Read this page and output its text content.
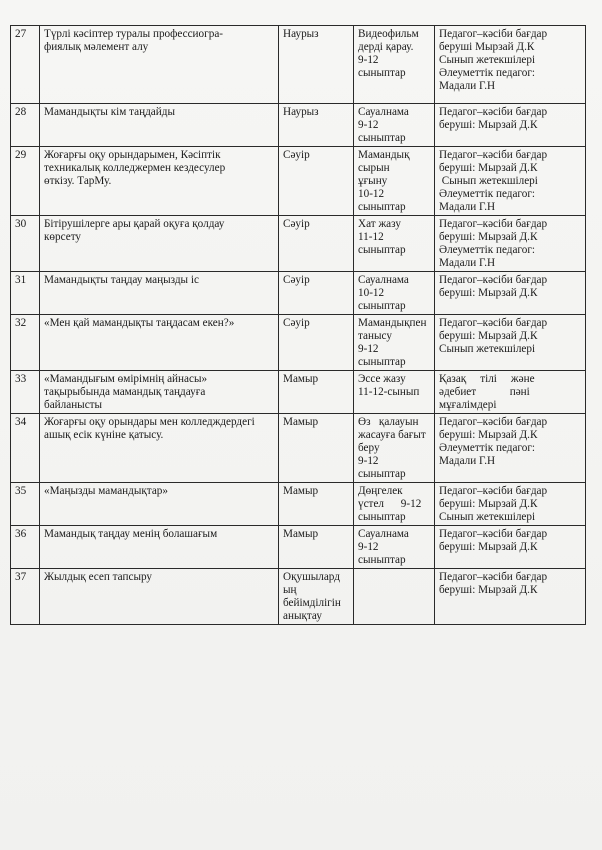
27	Түрлі кәсіптер туралы профессиогра-
фиялық мәлемент алу	Наурыз	Видеофильм
дерді қарау.
9-12
сыныптар	Педагог–кәсіби бағдар
беруші Мырзай Д.К
Сынып жетекшілері
Әлеуметтік педагог:
Мадали Г.Н

28	Мамандықты кім таңдайды	Наурыз	Сауалнама
9-12
сыныптар	Педагог–кәсіби бағдар
беруші: Мырзай Д.К

29	Жоғарғы оқу орындарымен, Кәсіптік
техникалық колледжермен кездесулер
өткізу. ТарМу.	Сәуір	Мамандық
сырын
ұғыну
10-12
сыныптар	Педагог–кәсіби бағдар
беруші: Мырзай Д.К
Сынып жетекшілері
Әлеуметтік педагог:
Мадали Г.Н

30	Бітірушілерге ары қарай оқуға қолдау
көрсету	Сәуір	Хат жазу
11-12
сыныптар	Педагог–кәсіби бағдар
беруші: Мырзай Д.К
Әлеуметтік педагог:
Мадали Г.Н

31	Мамандықты таңдау маңызды іс	Сәуір	Сауалнама
10-12
сыныптар	Педагог–кәсіби бағдар
беруші: Мырзай Д.К

32	«Мен қай мамандықты таңдасам екен?»	Сәуір	Мамандықпен
танысу
9-12
сыныптар	Педагог–кәсіби бағдар
беруші: Мырзай Д.К
Сынып жетекшілері

33	«Мамандығым өмірімнің айнасы»
тақырыбында мамандық таңдауға
байланысты	Мамыр	Эссе жазу
11-12-сынып	Қазақ     тілі     және
әдебиет            пәні
мұғалімдері

34	Жоғарғы оқу орындары мен колледждердегі
ашық есік күніне қатысу.	Мамыр	Өз   қалауын
жасауға бағыт
беру
9-12
сыныптар	Педагог–кәсіби бағдар
беруші: Мырзай Д.К
Әлеуметтік педагог:
Мадали Г.Н

35	«Маңызды мамандықтар»	Мамыр	Дөңгелек
үстел      9-12
сыныптар	Педагог–кәсіби бағдар
беруші: Мырзай Д.К
Сынып жетекшілері

36	Мамандық таңдау менің болашағым	Мамыр	Сауалнама
9-12
сыныптар	Педагог–кәсіби бағдар
беруші: Мырзай Д.К

37	Жылдық есеп тапсыру	Оқушылард
ың
бейімділігін
анықтау		Педагог–кәсіби бағдар
беруші: Мырзай Д.К
